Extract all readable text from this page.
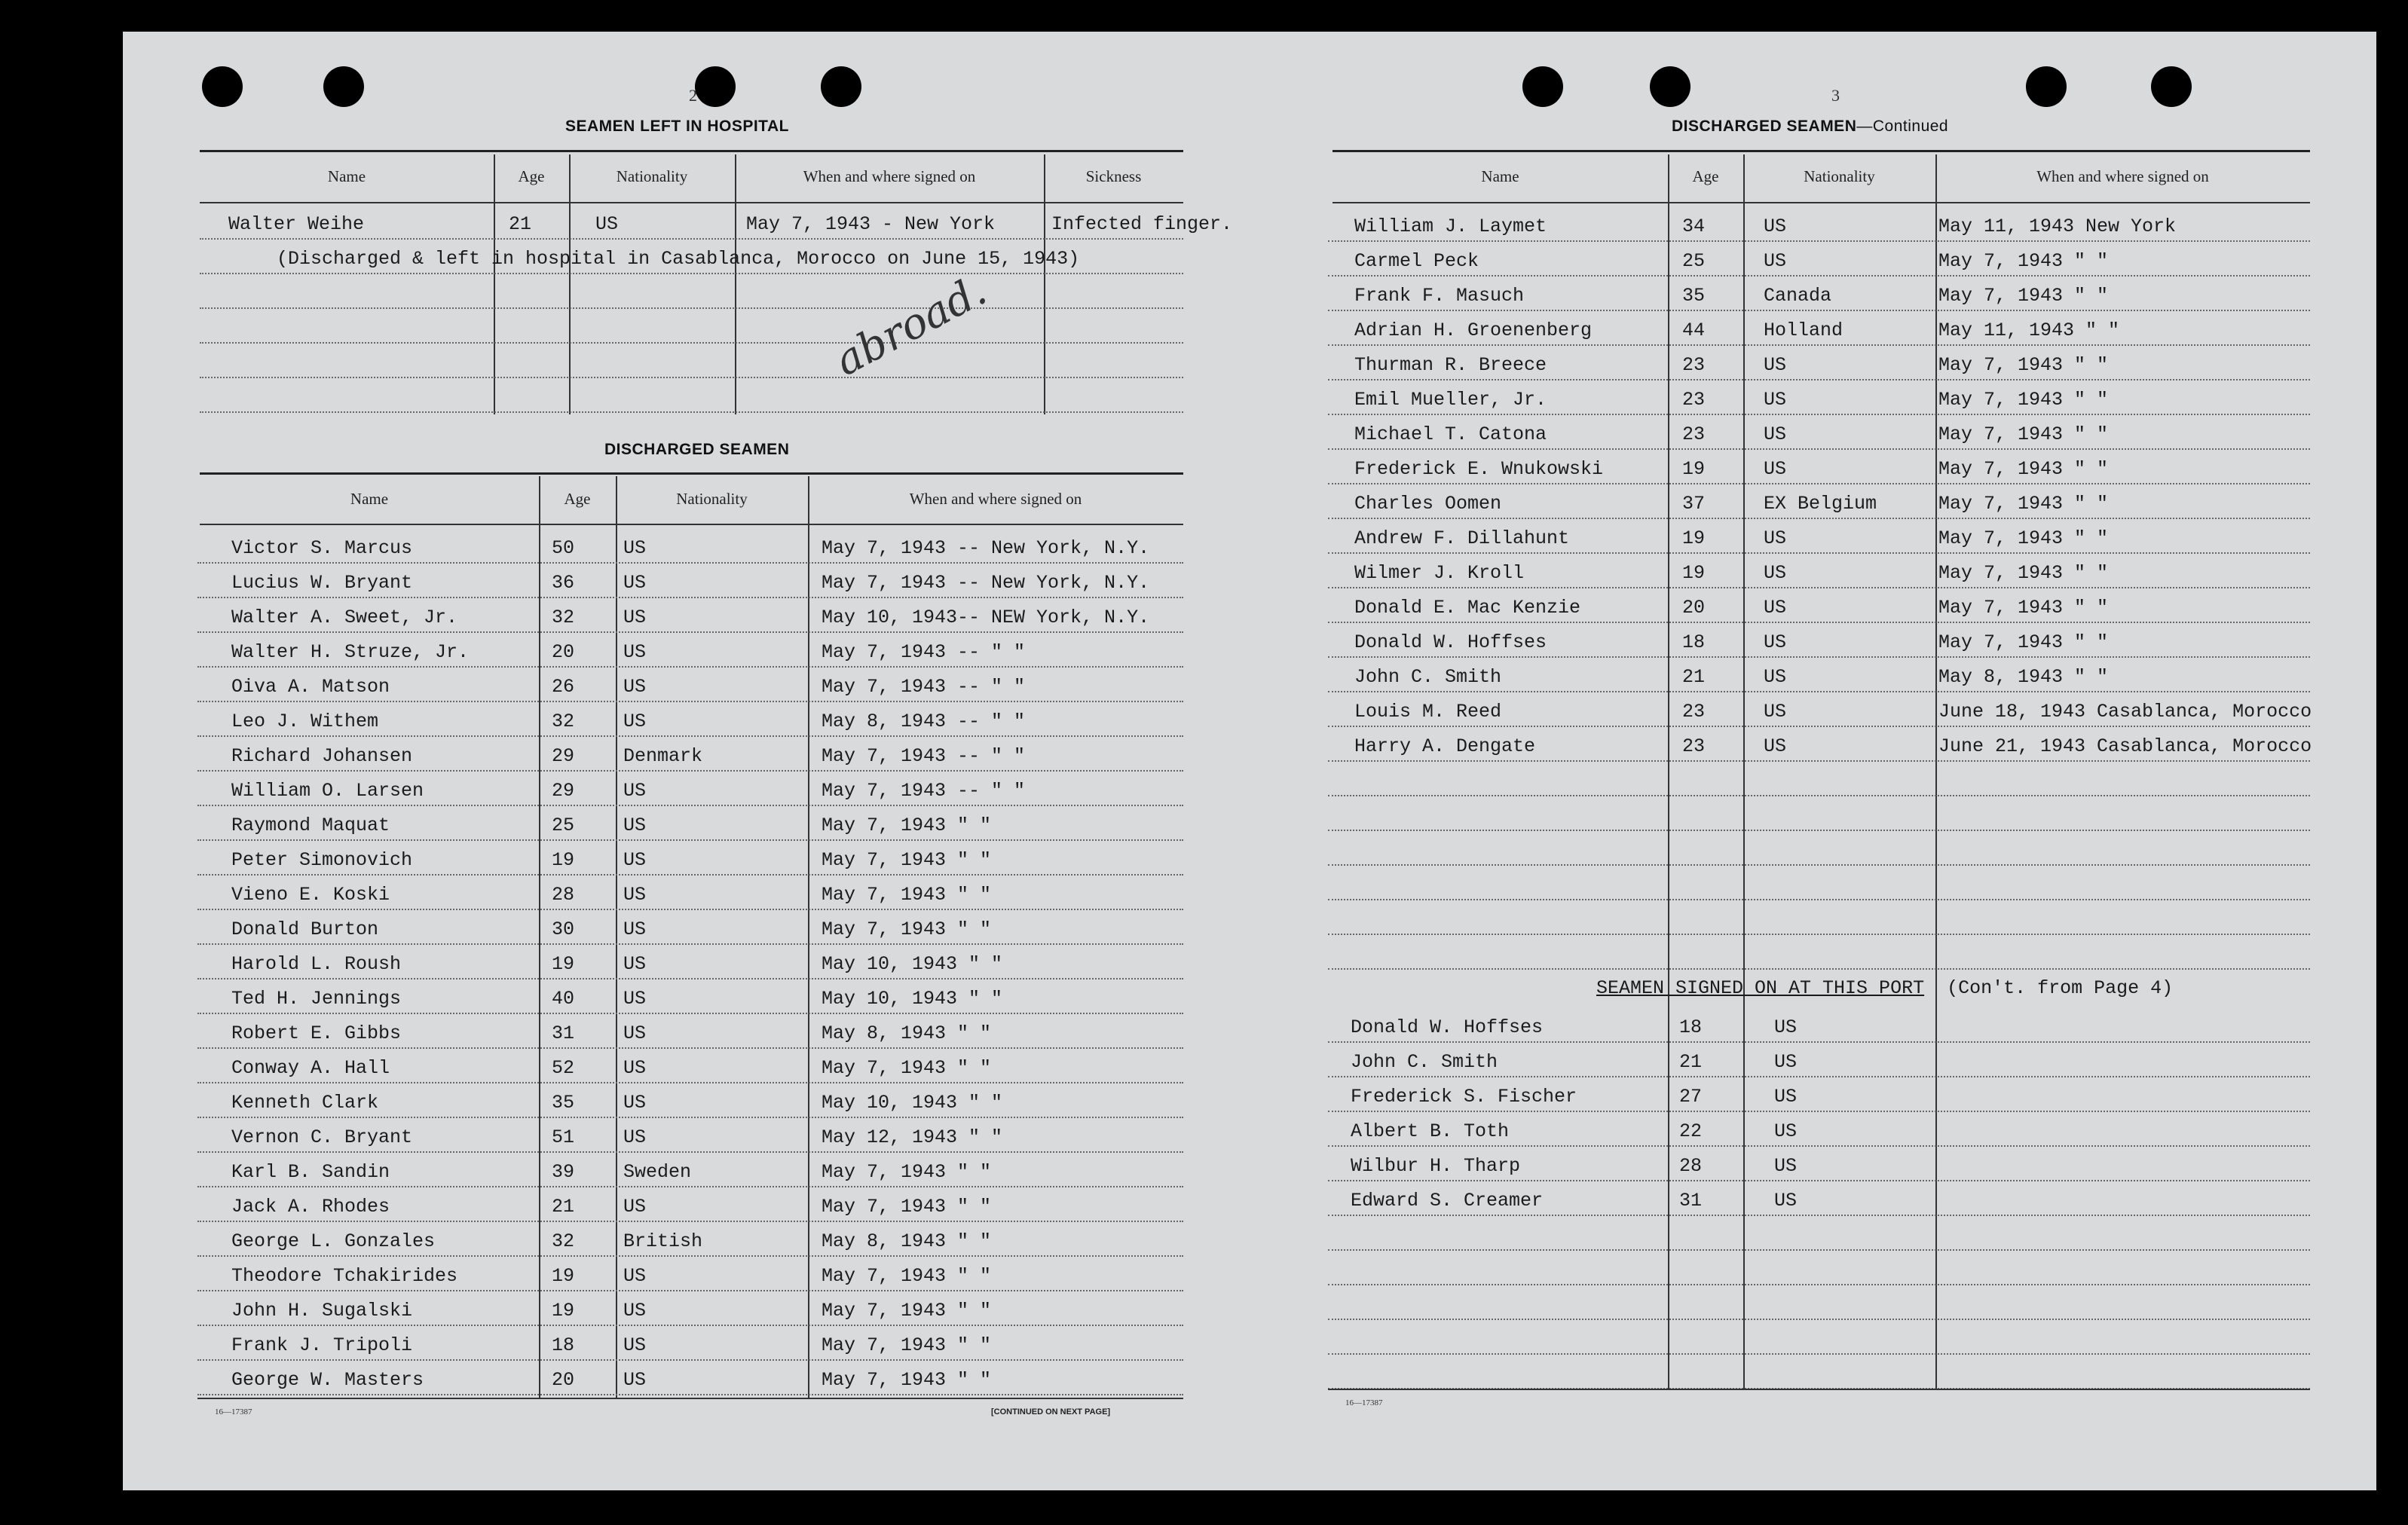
2
SEAMEN LEFT IN HOSPITAL
Name	Age	Nationality	When and where signed on	Sickness
Walter Weihe	21	US	May 7, 1943 - New York	Infected finger.
(Discharged & left in hospital in Casablanca, Morocco on June 15, 1943)
abroad.
DISCHARGED SEAMEN
Name	Age	Nationality	When and where signed on
Victor S. Marcus	50	US	May 7, 1943 -- New York, N.Y.
Lucius W. Bryant	36	US	May 7, 1943 -- New York, N.Y.
Walter A. Sweet, Jr.	32	US	May 10, 1943-- NEW York, N.Y.
Walter H. Struze, Jr.	20	US	May 7, 1943 -- " "
Oiva A. Matson	26	US	May 7, 1943 -- " "
Leo J. Withem	32	US	May 8, 1943 -- " "
Richard Johansen	29	Denmark	May 7, 1943 -- " "
William O. Larsen	29	US	May 7, 1943 -- " "
Raymond Maquat	25	US	May 7, 1943 " "
Peter Simonovich	19	US	May 7, 1943 " "
Vieno E. Koski	28	US	May 7, 1943 " "
Donald Burton	30	US	May 7, 1943 " "
Harold L. Roush	19	US	May 10, 1943 " "
Ted H. Jennings	40	US	May 10, 1943 " "
Robert E. Gibbs	31	US	May 8, 1943 " "
Conway A. Hall	52	US	May 7, 1943 " "
Kenneth Clark	35	US	May 10, 1943 " "
Vernon C. Bryant	51	US	May 12, 1943 " "
Karl B. Sandin	39	Sweden	May 7, 1943 " "
Jack A. Rhodes	21	US	May 7, 1943 " "
George L. Gonzales	32	British	May 8, 1943 " "
Theodore Tchakirides	19	US	May 7, 1943 " "
John H. Sugalski	19	US	May 7, 1943 " "
Frank J. Tripoli	18	US	May 7, 1943 " "
George W. Masters	20	US	May 7, 1943 " "
16—17387	[CONTINUED ON NEXT PAGE]
3
DISCHARGED SEAMEN—Continued
Name	Age	Nationality	When and where signed on
William J. Laymet	34	US	May 11, 1943 New York
Carmel Peck	25	US	May 7, 1943 " "
Frank F. Masuch	35	Canada	May 7, 1943 " "
Adrian H. Groenenberg	44	Holland	May 11, 1943 " "
Thurman R. Breece	23	US	May 7, 1943 " "
Emil Mueller, Jr.	23	US	May 7, 1943 " "
Michael T. Catona	23	US	May 7, 1943 " "
Frederick E. Wnukowski	19	US	May 7, 1943 " "
Charles Oomen	37	EX Belgium	May 7, 1943 " "
Andrew F. Dillahunt	19	US	May 7, 1943 " "
Wilmer J. Kroll	19	US	May 7, 1943 " "
Donald E. Mac Kenzie	20	US	May 7, 1943 " "
Donald W. Hoffses	18	US	May 7, 1943 " "
John C. Smith	21	US	May 8, 1943 " "
Louis M. Reed	23	US	June 18, 1943 Casablanca, Morocco
Harry A. Dengate	23	US	June 21, 1943 Casablanca, Morocco
SEAMEN SIGNED ON AT THIS PORT (Con't. from Page 4)
Donald W. Hoffses	18	US
John C. Smith	21	US
Frederick S. Fischer	27	US
Albert B. Toth	22	US
Wilbur H. Tharp	28	US
Edward S. Creamer	31	US
16—17387
